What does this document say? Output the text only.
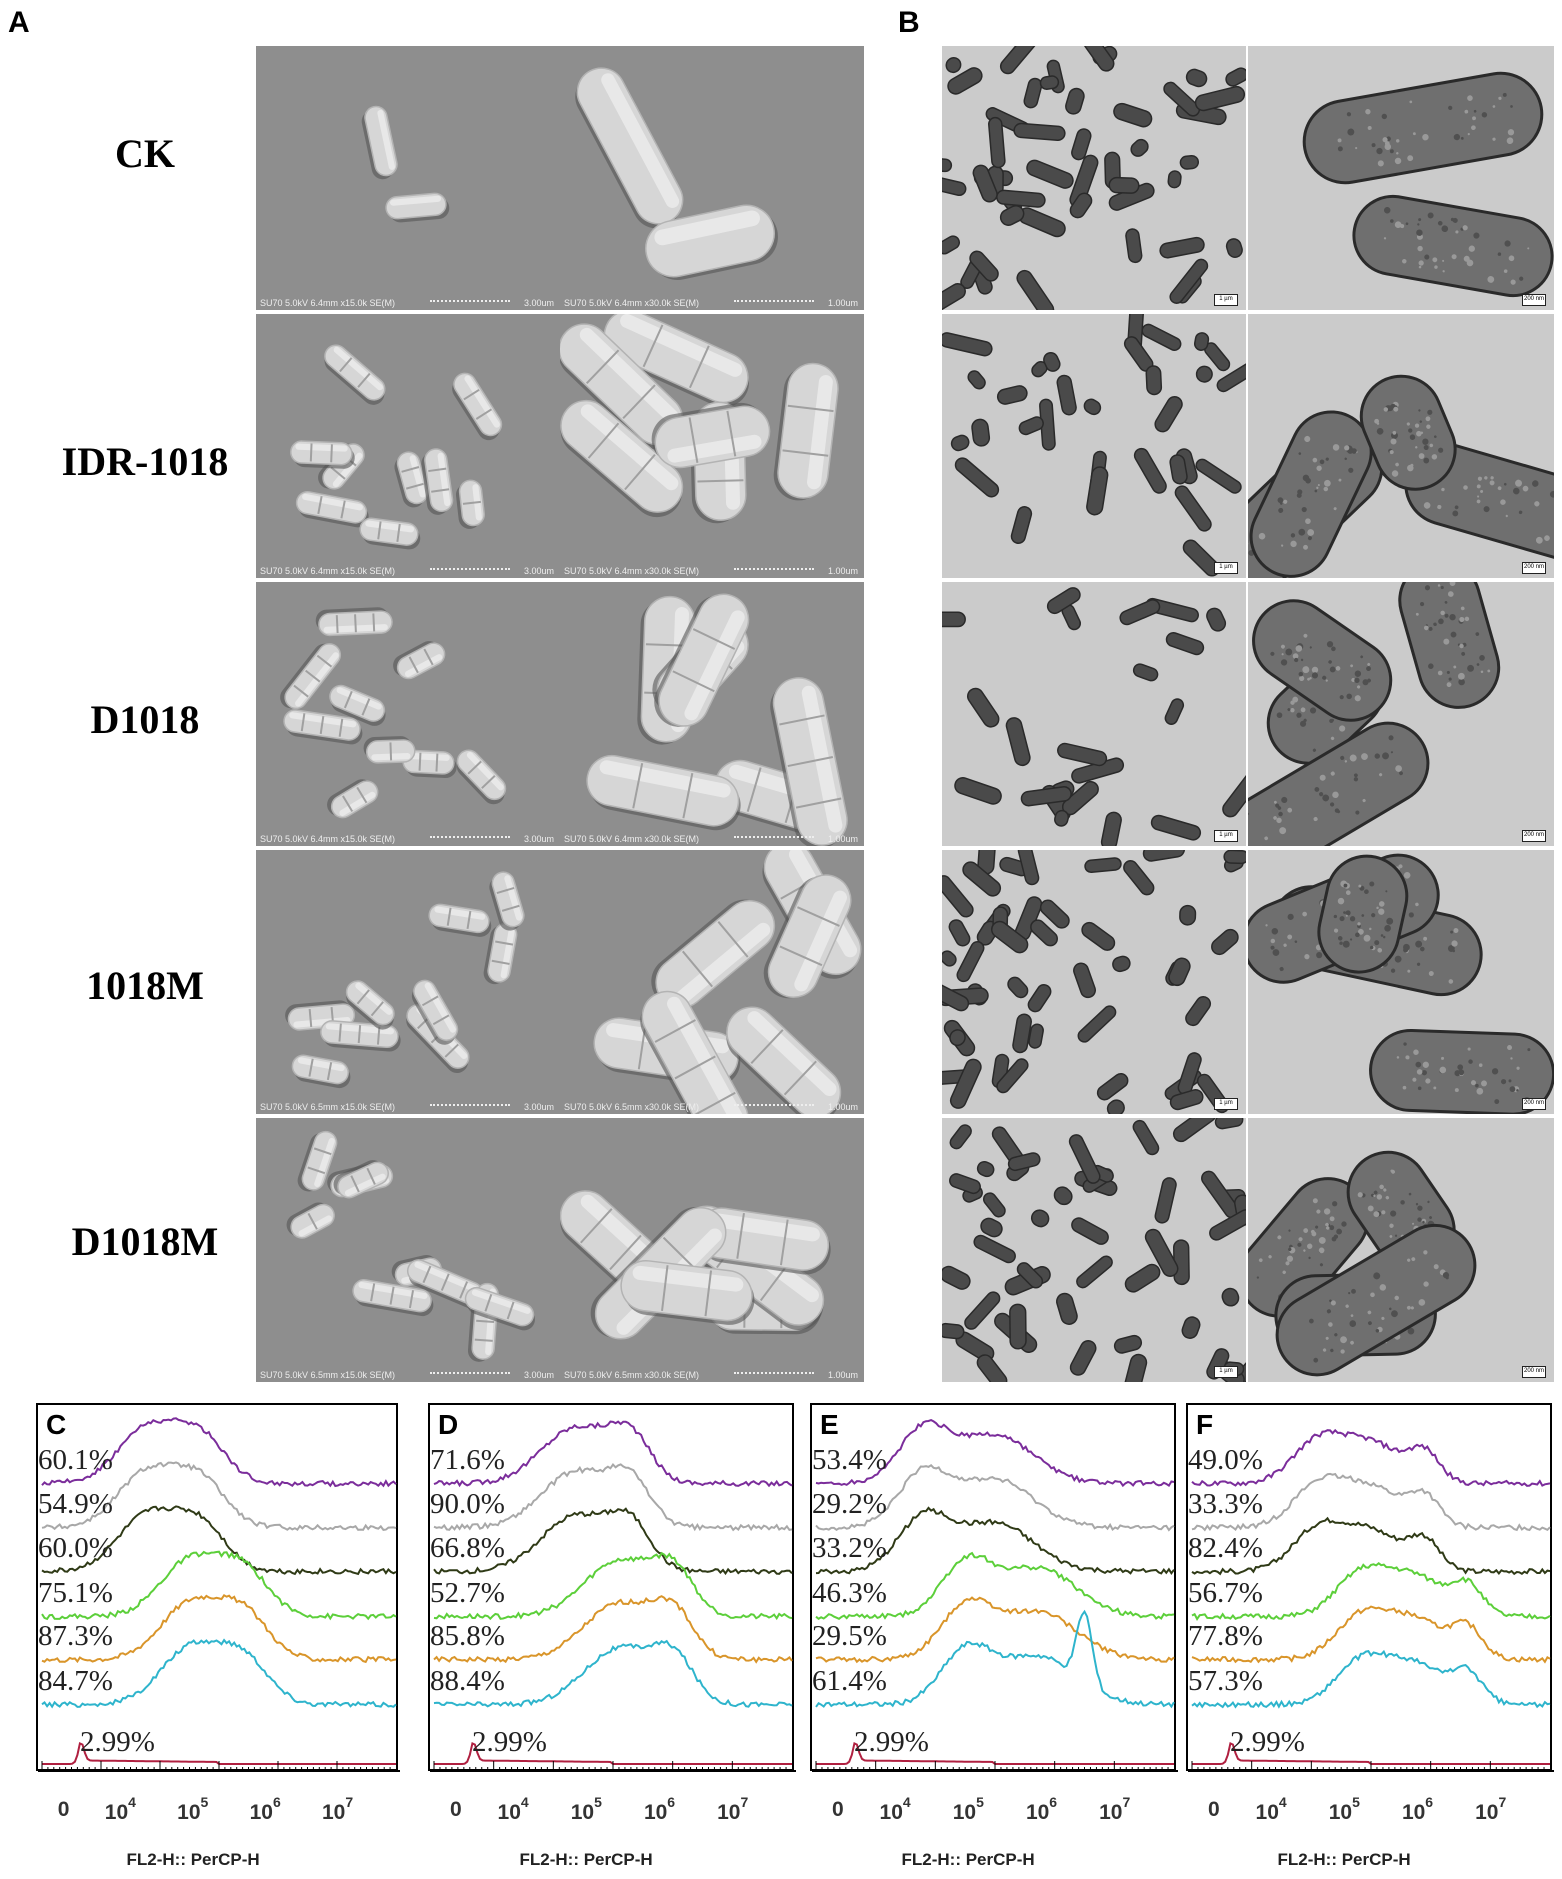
A	B
CK
IDR-1018
D1018
1018M
D1018M
SU70 5.0kV 6.4mm x15.0k SE(M)	3.00um SU70 5.0kV 6.4mm x30.0k SE(M)	1.00um
SU70 5.0kV 6.4mm x15.0k SE(M)	3.00um SU70 5.0kV 6.4mm x30.0k SE(M)	1.00um
SU70 5.0kV 6.4mm x15.0k SE(M)	3.00um SU70 5.0kV 6.4mm x30.0k SE(M)	1.00um
SU70 5.0kV 6.5mm x15.0k SE(M)	3.00um SU70 5.0kV 6.5mm x30.0k SE(M)	1.00um
SU70 5.0kV 6.5mm x15.0k SE(M)	3.00um SU70 5.0kV 6.5mm x30.0k SE(M)	1.00um
1 µm	200 nm
1 µm	200 nm
1 µm	200 nm
1 µm	200 nm
1 µm	200 nm
C
60.1%
54.9%
60.0%
75.1%
87.3%
84.7%
2.99%
0 $10^4$ $10^5$ $10^6$ $10^7$
FL2-H:: PerCP-H
D
71.6%
90.0%
66.8%
52.7%
85.8%
88.4%
2.99%
0 $10^4$ $10^5$ $10^6$ $10^7$
FL2-H:: PerCP-H
E
53.4%
29.2%
33.2%
46.3%
29.5%
61.4%
2.99%
0 $10^4$ $10^5$ $10^6$ $10^7$
FL2-H:: PerCP-H
F
49.0%
33.3%
82.4%
56.7%
77.8%
57.3%
2.99%
0 $10^4$ $10^5$ $10^6$ $10^7$
FL2-H:: PerCP-H
